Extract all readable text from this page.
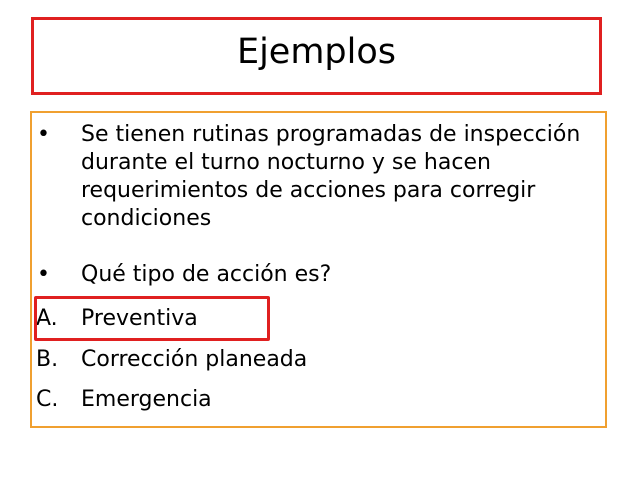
Ejemplos
• Se tienen rutinas programadas de inspección
durante el turno nocturno y se hacen
requerimientos de acciones para corregir
condiciones
• Qué tipo de acción es?
A. Preventiva
B. Corrección planeada
C. Emergencia
